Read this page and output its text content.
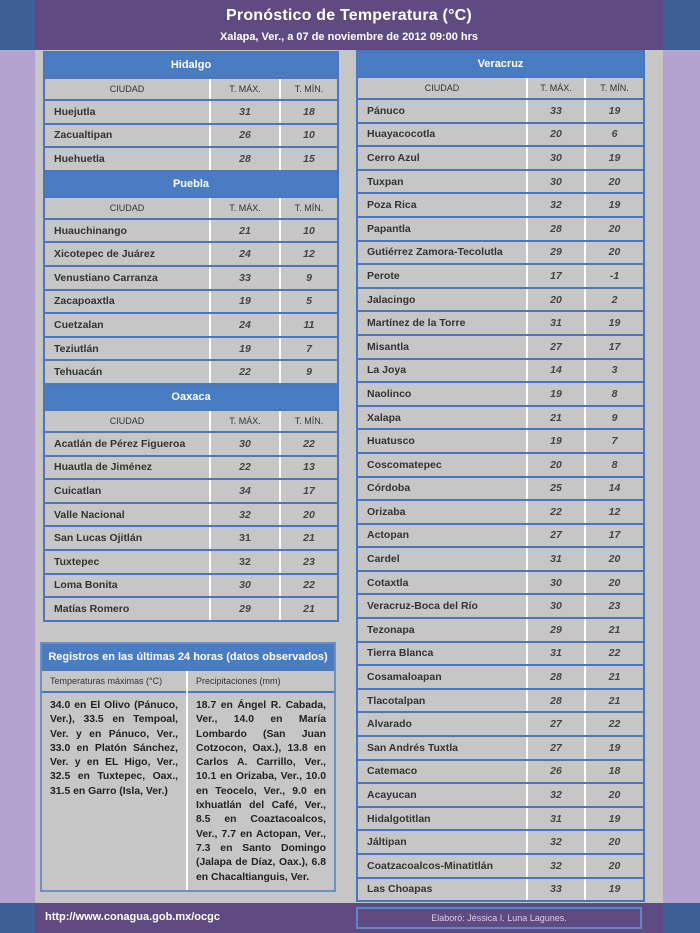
Pronóstico de Temperatura (°C)
Xalapa, Ver., a 07 de noviembre de 2012 09:00 hrs
Hidalgo		
CIUDAD	T. MÁX.	T. MÍN.
Huejutla	31	18
Zacualtipan	26	10
Huehuetla	28	15
Puebla		
CIUDAD	T. MÁX.	T. MÍN.
Huauchinango	21	10
Xicotepec de Juárez	24	12
Venustiano Carranza	33	9
Zacapoaxtla	19	5
Cuetzalan	24	11
Teziutlán	19	7
Tehuacán	22	9
Oaxaca		
CIUDAD	T. MÁX.	T. MÍN.
Acatlán de Pérez Figueroa	30	22
Huautla de Jiménez	22	13
Cuicatlan	34	17
Valle Nacional	32	20
San Lucas Ojitlán	31	21
Tuxtepec	32	23
Loma Bonita	30	22
Matías Romero	29	21
Registros en las últimas 24 horas (datos observados)
Temperaturas máximas (°C)
34.0 en El Olivo (Pánuco, Ver.), 33.5 en Tempoal, Ver. y en Pánuco, Ver., 33.0 en Platón Sánchez, Ver. y en EL Higo, Ver., 32.5 en Tuxtepec, Oax., 31.5 en Garro (Isla, Ver.)
Precipitaciones (mm)
18.7 en Ángel R. Cabada, Ver., 14.0 en María Lombardo (San Juan Cotzocon, Oax.), 13.8 en Carlos A. Carrillo, Ver., 10.1 en Orizaba, Ver., 10.0 en Teocelo, Ver., 9.0 en Ixhuatlán del Café, Ver., 8.5 en Coaztacoalcos, Ver., 7.7 en Actopan, Ver., 7.3 en Santo Domingo (Jalapa de Díaz, Oax.), 6.8 en Chacaltianguis, Ver.
Veracruz		
CIUDAD	T. MÁX.	T. MÍN.
Pánuco	33	19
Huayacocotla	20	6
Cerro Azul	30	19
Tuxpan	30	20
Poza Rica	32	19
Papantla	28	20
Gutiérrez Zamora-Tecolutla	29	20
Perote	17	-1
Jalacingo	20	2
Martínez de la Torre	31	19
Misantla	27	17
La Joya	14	3
Naolinco	19	8
Xalapa	21	9
Huatusco	19	7
Coscomatepec	20	8
Córdoba	25	14
Orizaba	22	12
Actopan	27	17
Cardel	31	20
Cotaxtla	30	20
Veracruz-Boca del Río	30	23
Tezonapa	29	21
Tierra Blanca	31	22
Cosamaloapan	28	21
Tlacotalpan	28	21
Alvarado	27	22
San Andrés Tuxtla	27	19
Catemaco	26	18
Acayucan	32	20
Hidalgotitlan	31	19
Jáltipan	32	20
Coatzacoalcos-Minatitlán	32	20
Las Choapas	33	19
http://www.conagua.gob.mx/ocgc	Elaboró: Jéssica I. Luna Lagunes.
